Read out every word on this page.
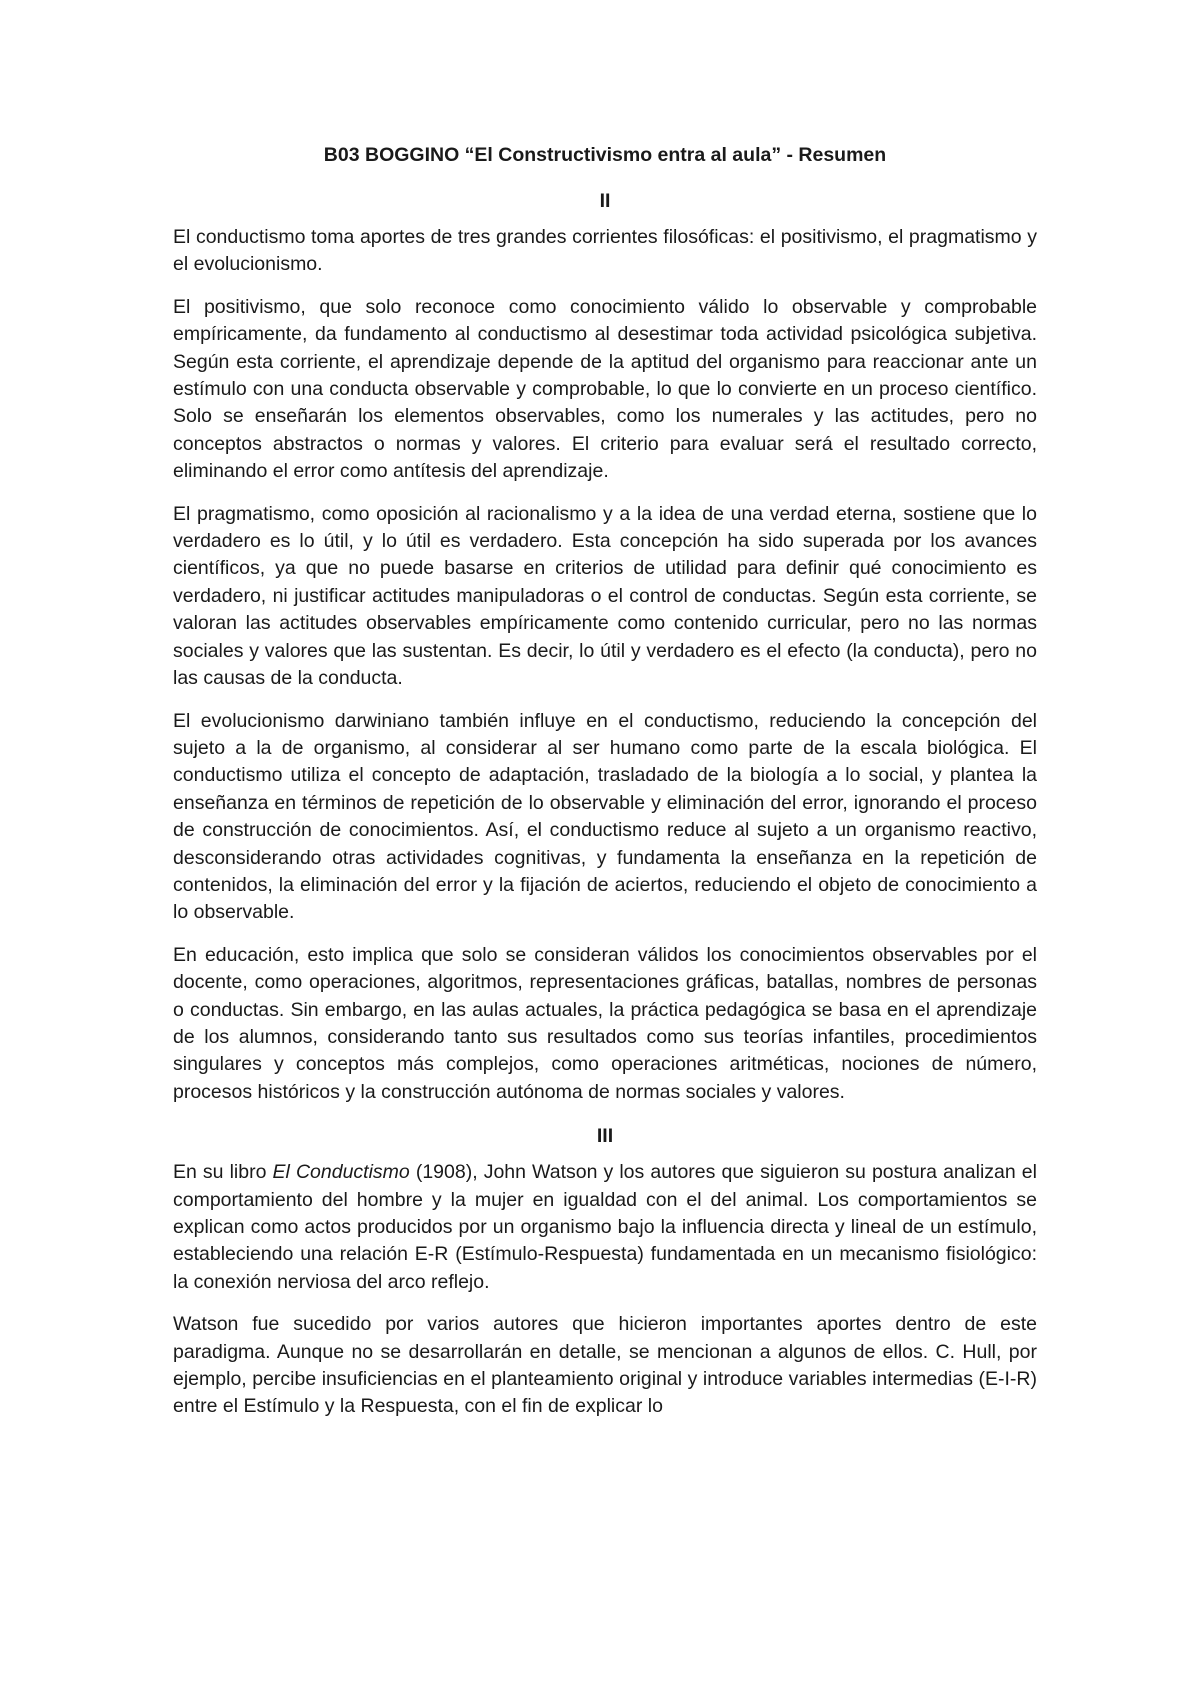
B03 BOGGINO “El Constructivismo entra al aula” - Resumen
II

El conductismo toma aportes de tres grandes corrientes filosóficas: el positivismo, el pragmatismo y el evolucionismo.

El positivismo, que solo reconoce como conocimiento válido lo observable y comprobable empíricamente, da fundamento al conductismo al desestimar toda actividad psicológica subjetiva. Según esta corriente, el aprendizaje depende de la aptitud del organismo para reaccionar ante un estímulo con una conducta observable y comprobable, lo que lo convierte en un proceso científico. Solo se enseñarán los elementos observables, como los numerales y las actitudes, pero no conceptos abstractos o normas y valores. El criterio para evaluar será el resultado correcto, eliminando el error como antítesis del aprendizaje.

El pragmatismo, como oposición al racionalismo y a la idea de una verdad eterna, sostiene que lo verdadero es lo útil, y lo útil es verdadero. Esta concepción ha sido superada por los avances científicos, ya que no puede basarse en criterios de utilidad para definir qué conocimiento es verdadero, ni justificar actitudes manipuladoras o el control de conductas. Según esta corriente, se valoran las actitudes observables empíricamente como contenido curricular, pero no las normas sociales y valores que las sustentan. Es decir, lo útil y verdadero es el efecto (la conducta), pero no las causas de la conducta.

El evolucionismo darwiniano también influye en el conductismo, reduciendo la concepción del sujeto a la de organismo, al considerar al ser humano como parte de la escala biológica. El conductismo utiliza el concepto de adaptación, trasladado de la biología a lo social, y plantea la enseñanza en términos de repetición de lo observable y eliminación del error, ignorando el proceso de construcción de conocimientos. Así, el conductismo reduce al sujeto a un organismo reactivo, desconsiderando otras actividades cognitivas, y fundamenta la enseñanza en la repetición de contenidos, la eliminación del error y la fijación de aciertos, reduciendo el objeto de conocimiento a lo observable.

En educación, esto implica que solo se consideran válidos los conocimientos observables por el docente, como operaciones, algoritmos, representaciones gráficas, batallas, nombres de personas o conductas. Sin embargo, en las aulas actuales, la práctica pedagógica se basa en el aprendizaje de los alumnos, considerando tanto sus resultados como sus teorías infantiles, procedimientos singulares y conceptos más complejos, como operaciones aritméticas, nociones de número, procesos históricos y la construcción autónoma de normas sociales y valores.

III

En su libro El Conductismo (1908), John Watson y los autores que siguieron su postura analizan el comportamiento del hombre y la mujer en igualdad con el del animal. Los comportamientos se explican como actos producidos por un organismo bajo la influencia directa y lineal de un estímulo, estableciendo una relación E-R (Estímulo-Respuesta) fundamentada en un mecanismo fisiológico: la conexión nerviosa del arco reflejo.

Watson fue sucedido por varios autores que hicieron importantes aportes dentro de este paradigma. Aunque no se desarrollarán en detalle, se mencionan a algunos de ellos. C. Hull, por ejemplo, percibe insuficiencias en el planteamiento original y introduce variables intermedias (E-I-R) entre el Estímulo y la Respuesta, con el fin de explicar lo
